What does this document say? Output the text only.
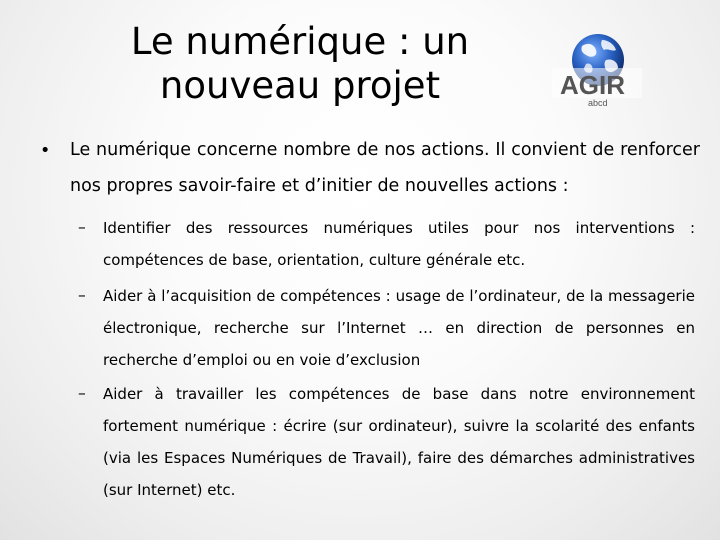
Le numérique : un
nouveau projet	AGIR
abcd
• Le numérique concerne nombre de nos actions. Il convient de renforcer nos propres savoir-faire et d’initier de nouvelles actions :

– Identifier des ressources numériques utiles pour nos interventions : compétences de base, orientation, culture générale etc.

– Aider à l’acquisition de compétences : usage de l’ordinateur, de la messagerie électronique, recherche sur l’Internet … en direction de personnes en recherche d’emploi ou en voie d’exclusion

– Aider à travailler les compétences de base dans notre environnement fortement numérique : écrire (sur ordinateur), suivre la scolarité des enfants (via les Espaces Numériques de Travail), faire des démarches administratives (sur Internet) etc.
